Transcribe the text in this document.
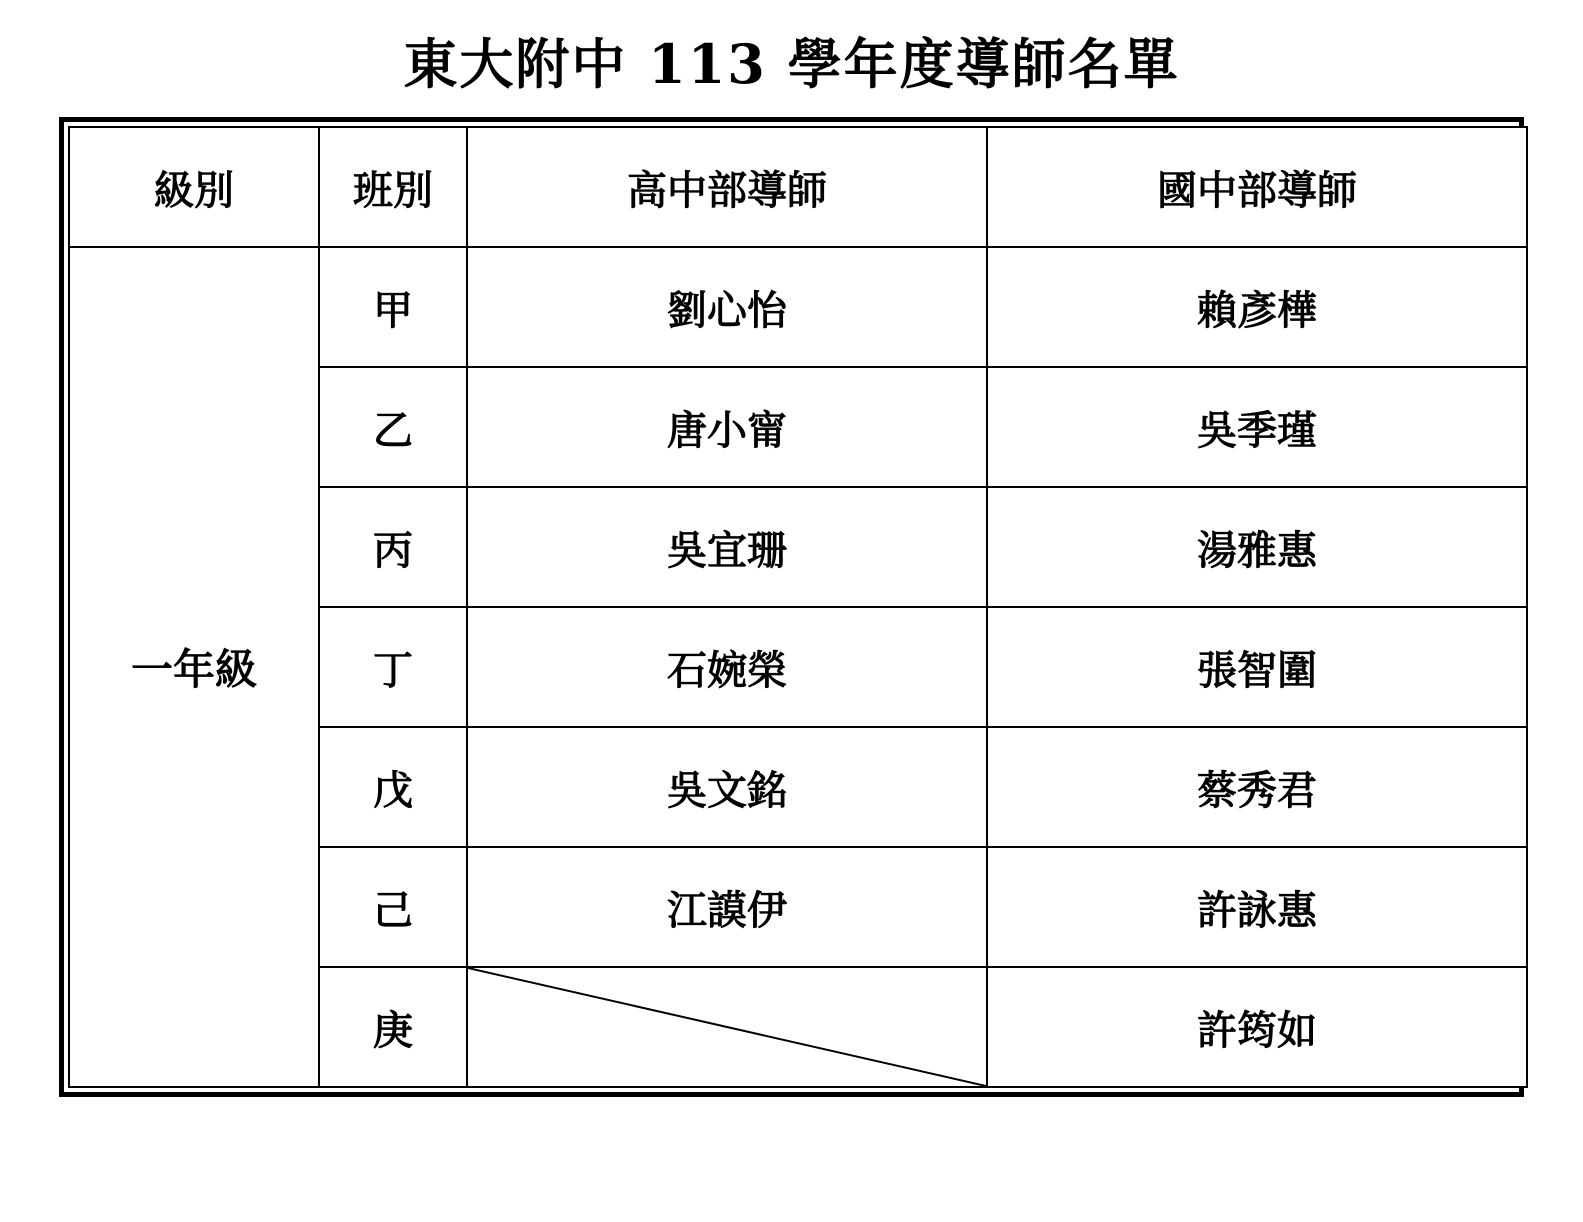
東大附中 113 學年度導師名單
級別	班別	高中部導師	國中部導師
一年級	甲	劉心怡	賴彥樺
	乙	唐小甯	吳季瑾
	丙	吳宜珊	湯雅惠
	丁	石婉榮	張智圍
	戊	吳文銘	蔡秀君
	己	江謨伊	許詠惠
	庚		許筠如
